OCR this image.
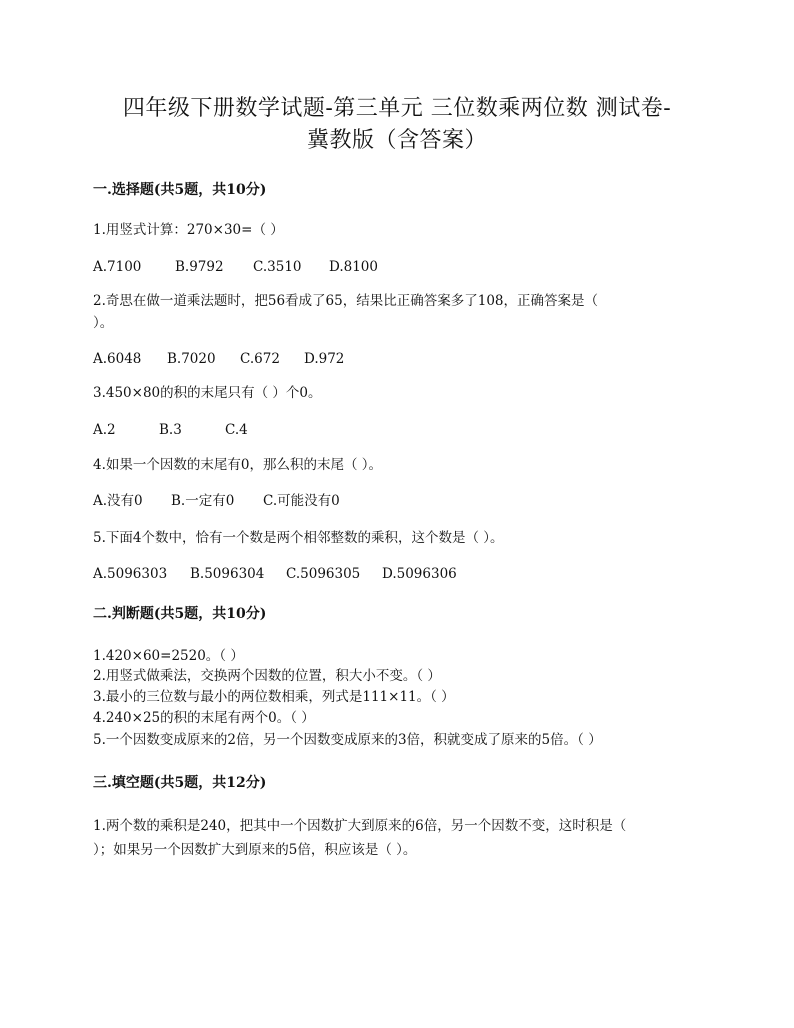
四年级下册数学试题-第三单元 三位数乘两位数 测试卷-
冀教版（含答案）
一.选择题(共5题，共10分)
1.用竖式计算：270×30=（ ）
A.7100 B.9792 C.3510 D.8100
2.奇思在做一道乘法题时，把56看成了65，结果比正确答案多了108，正确答案是（
）。
A.6048 B.7020 C.672 D.972
3.450×80的积的末尾只有（ ）个0。
A.2	B.3	C.4
4.如果一个因数的末尾有0，那么积的末尾（ ）。
A.没有0 B.一定有0 C.可能没有0
5.下面4个数中，恰有一个数是两个相邻整数的乘积，这个数是（ ）。
A.5096303 B.5096304 C.5096305 D.5096306
二.判断题(共5题，共10分)
1.420×60=2520。（ ）
2.用竖式做乘法，交换两个因数的位置，积大小不变。（ ）
3.最小的三位数与最小的两位数相乘，列式是111×11。（ ）
4.240×25的积的末尾有两个0。（ ）
5.一个因数变成原来的2倍，另一个因数变成原来的3倍，积就变成了原来的5倍。（ ）
三.填空题(共5题，共12分)
1.两个数的乘积是240，把其中一个因数扩大到原来的6倍，另一个因数不变，这时积是（
）；如果另一个因数扩大到原来的5倍，积应该是（ ）。
